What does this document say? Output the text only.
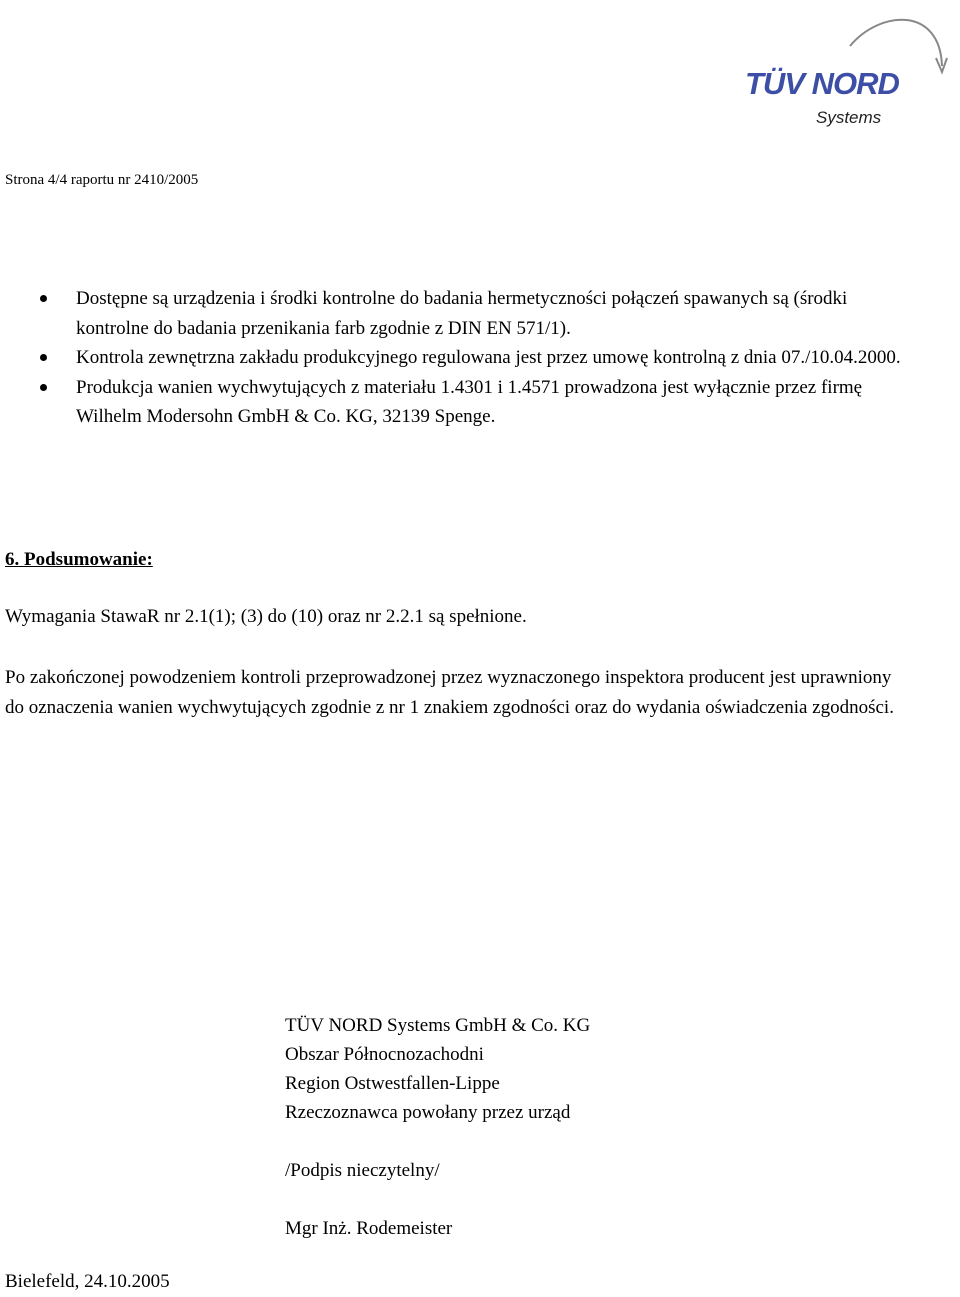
TÜV NORD
Systems
Strona 4/4 raportu nr 2410/2005
Dostępne są urządzenia i środki kontrolne do badania hermetyczności połączeń spawanych są (środki kontrolne do badania przenikania farb zgodnie z DIN EN 571/1).
Kontrola zewnętrzna zakładu produkcyjnego regulowana jest przez umowę kontrolną z dnia 07./10.04.2000.
Produkcja wanien wychwytujących z materiału 1.4301 i 1.4571 prowadzona jest wyłącznie przez firmę Wilhelm Modersohn GmbH & Co. KG, 32139 Spenge.
6. Podsumowanie:
Wymagania StawaR nr 2.1(1); (3) do (10) oraz nr 2.2.1 są spełnione.
Po zakończonej powodzeniem kontroli przeprowadzonej przez wyznaczonego inspektora producent jest uprawniony do oznaczenia wanien wychwytujących zgodnie z nr 1 znakiem zgodności oraz do wydania oświadczenia zgodności.
TÜV NORD Systems GmbH & Co. KG
Obszar Północnozachodni
Region Ostwestfallen-Lippe
Rzeczoznawca powołany przez urząd
/Podpis nieczytelny/
Mgr Inż. Rodemeister
Bielefeld, 24.10.2005
